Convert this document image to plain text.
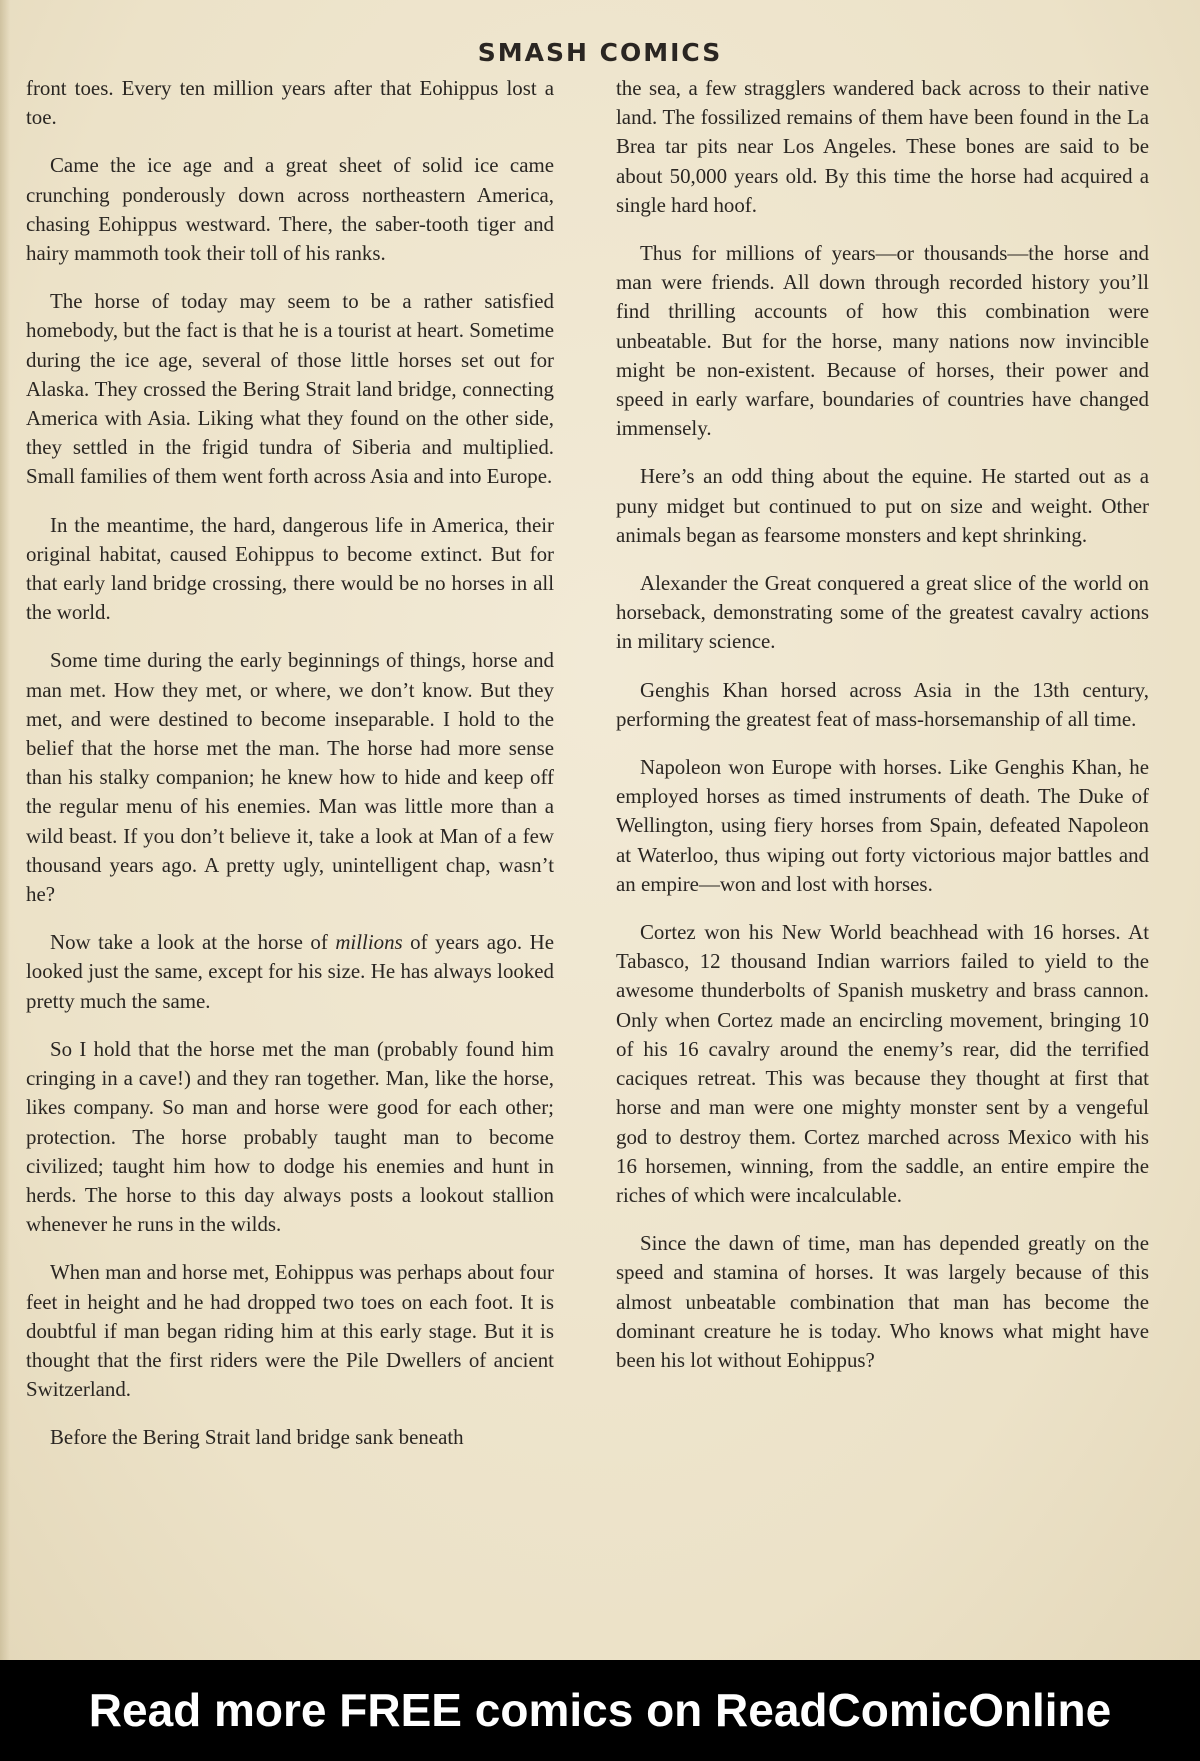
SMASH COMICS

front toes. Every ten million years after that Eohippus lost a toe.

Came the ice age and a great sheet of solid ice came crunching ponderously down across northeastern America, chasing Eohippus westward. There, the saber-tooth tiger and hairy mammoth took their toll of his ranks.

The horse of today may seem to be a rather satisfied homebody, but the fact is that he is a tourist at heart. Sometime during the ice age, several of those little horses set out for Alaska. They crossed the Bering Strait land bridge, connecting America with Asia. Liking what they found on the other side, they settled in the frigid tundra of Siberia and multiplied. Small families of them went forth across Asia and into Europe.

In the meantime, the hard, dangerous life in America, their original habitat, caused Eohippus to become extinct. But for that early land bridge crossing, there would be no horses in all the world.

Some time during the early beginnings of things, horse and man met. How they met, or where, we don’t know. But they met, and were destined to become inseparable. I hold to the belief that the horse met the man. The horse had more sense than his stalky companion; he knew how to hide and keep off the regular menu of his enemies. Man was little more than a wild beast. If you don’t believe it, take a look at Man of a few thousand years ago. A pretty ugly, unintelligent chap, wasn’t he?

Now take a look at the horse of millions of years ago. He looked just the same, except for his size. He has always looked pretty much the same.

So I hold that the horse met the man (probably found him cringing in a cave!) and they ran together. Man, like the horse, likes company. So man and horse were good for each other; protection. The horse probably taught man to become civilized; taught him how to dodge his enemies and hunt in herds. The horse to this day always posts a lookout stallion whenever he runs in the wilds.

When man and horse met, Eohippus was perhaps about four feet in height and he had dropped two toes on each foot. It is doubtful if man began riding him at this early stage. But it is thought that the first riders were the Pile Dwellers of ancient Switzerland.

Before the Bering Strait land bridge sank beneath

the sea, a few stragglers wandered back across to their native land. The fossilized remains of them have been found in the La Brea tar pits near Los Angeles. These bones are said to be about 50,000 years old. By this time the horse had acquired a single hard hoof.

Thus for millions of years—or thousands—the horse and man were friends. All down through recorded history you’ll find thrilling accounts of how this combination were unbeatable. But for the horse, many nations now invincible might be non-existent. Because of horses, their power and speed in early warfare, boundaries of countries have changed immensely.

Here’s an odd thing about the equine. He started out as a puny midget but continued to put on size and weight. Other animals began as fearsome monsters and kept shrinking.

Alexander the Great conquered a great slice of the world on horseback, demonstrating some of the greatest cavalry actions in military science.

Genghis Khan horsed across Asia in the 13th century, performing the greatest feat of mass-horsemanship of all time.

Napoleon won Europe with horses. Like Genghis Khan, he employed horses as timed instruments of death. The Duke of Wellington, using fiery horses from Spain, defeated Napoleon at Waterloo, thus wiping out forty victorious major battles and an empire—won and lost with horses.

Cortez won his New World beachhead with 16 horses. At Tabasco, 12 thousand Indian warriors failed to yield to the awesome thunderbolts of Spanish musketry and brass cannon. Only when Cortez made an encircling movement, bringing 10 of his 16 cavalry around the enemy’s rear, did the terrified caciques retreat. This was because they thought at first that horse and man were one mighty monster sent by a vengeful god to destroy them. Cortez marched across Mexico with his 16 horsemen, winning, from the saddle, an entire empire the riches of which were incalculable.

Since the dawn of time, man has depended greatly on the speed and stamina of horses. It was largely because of this almost unbeatable combination that man has become the dominant creature he is today. Who knows what might have been his lot without Eohippus?

Read more FREE comics on ReadComicOnline
